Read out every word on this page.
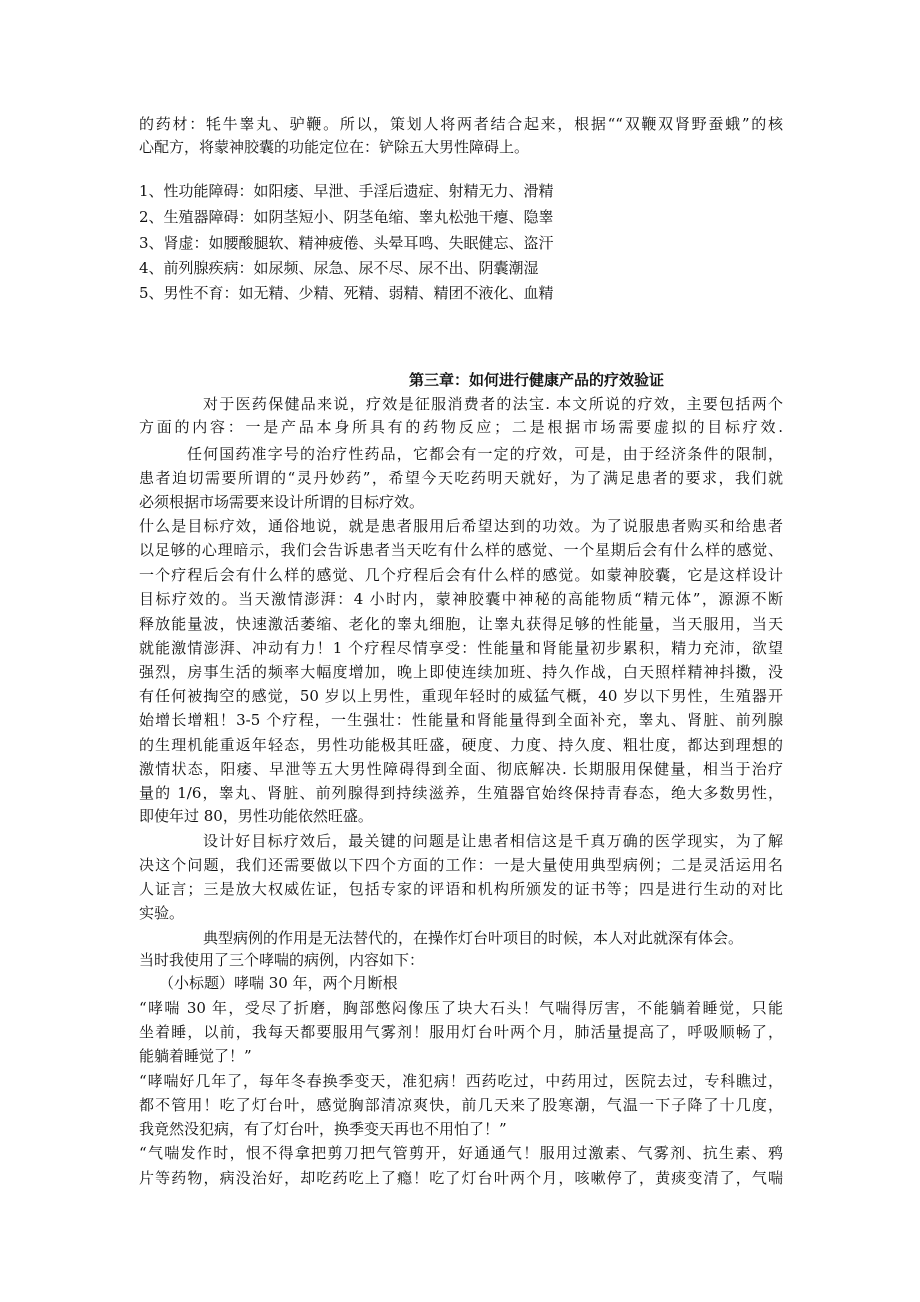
的药材：牦牛睾丸、驴鞭。所以，策划人将两者结合起来，根据““双鞭双肾野蚕蛾”的核
心配方，将蒙神胶囊的功能定位在：铲除五大男性障碍上。
1、性功能障碍：如阳痿、早泄、手淫后遗症、射精无力、滑精
2、生殖器障碍：如阴茎短小、阴茎龟缩、睾丸松弛干瘪、隐睾
3、肾虚：如腰酸腿软、精神疲倦、头晕耳鸣、失眠健忘、盗汗
4、前列腺疾病：如尿频、尿急、尿不尽、尿不出、阴囊潮湿
5、男性不育：如无精、少精、死精、弱精、精团不液化、血精
第三章：如何进行健康产品的疗效验证
对于医药保健品来说，疗效是征服消费者的法宝. 本文所说的疗效，主要包括两个
方面的内容：一是产品本身所具有的药物反应；二是根据市场需要虚拟的目标疗效.
任何国药准字号的治疗性药品，它都会有一定的疗效，可是，由于经济条件的限制，
患者迫切需要所谓的“灵丹妙药”，希望今天吃药明天就好，为了满足患者的要求，我们就
必须根据市场需要来设计所谓的目标疗效。
什么是目标疗效，通俗地说，就是患者服用后希望达到的功效。为了说服患者购买和给患者
以足够的心理暗示，我们会告诉患者当天吃有什么样的感觉、一个星期后会有什么样的感觉、
一个疗程后会有什么样的感觉、几个疗程后会有什么样的感觉。如蒙神胶囊，它是这样设计
目标疗效的。当天激情澎湃：4 小时内，蒙神胶囊中神秘的高能物质“精元体”，源源不断
释放能量波，快速激活萎缩、老化的睾丸细胞，让睾丸获得足够的性能量，当天服用，当天
就能激情澎湃、冲动有力！1 个疗程尽情享受：性能量和肾能量初步累积，精力充沛，欲望
强烈，房事生活的频率大幅度增加，晚上即使连续加班、持久作战，白天照样精神抖擞，没
有任何被掏空的感觉，50 岁以上男性，重现年轻时的威猛气概，40 岁以下男性，生殖器开
始增长增粗！3-5 个疗程，一生强壮：性能量和肾能量得到全面补充，睾丸、肾脏、前列腺
的生理机能重返年轻态，男性功能极其旺盛，硬度、力度、持久度、粗壮度，都达到理想的
激情状态，阳痿、早泄等五大男性障碍得到全面、彻底解决. 长期服用保健量，相当于治疗
量的 1/6，睾丸、肾脏、前列腺得到持续滋养，生殖器官始终保持青春态，绝大多数男性，
即使年过 80，男性功能依然旺盛。
设计好目标疗效后，最关键的问题是让患者相信这是千真万确的医学现实，为了解
决这个问题，我们还需要做以下四个方面的工作：一是大量使用典型病例；二是灵活运用名
人证言；三是放大权威佐证，包括专家的评语和机构所颁发的证书等；四是进行生动的对比
实验。
典型病例的作用是无法替代的，在操作灯台叶项目的时候，本人对此就深有体会。
当时我使用了三个哮喘的病例，内容如下：
（小标题）哮喘 30 年，两个月断根
“哮喘 30 年，受尽了折磨，胸部憋闷像压了块大石头！气喘得厉害，不能躺着睡觉，只能
坐着睡，以前，我每天都要服用气雾剂！服用灯台叶两个月，肺活量提高了，呼吸顺畅了，
能躺着睡觉了！”
“哮喘好几年了，每年冬春换季变天，准犯病！西药吃过，中药用过，医院去过，专科瞧过，
都不管用！吃了灯台叶，感觉胸部清凉爽快，前几天来了股寒潮，气温一下子降了十几度，
我竟然没犯病，有了灯台叶，换季变天再也不用怕了！”
“气喘发作时，恨不得拿把剪刀把气管剪开，好通通气！服用过激素、气雾剂、抗生素、鸦
片等药物，病没治好，却吃药吃上了瘾！吃了灯台叶两个月，咳嗽停了，黄痰变清了，气喘
